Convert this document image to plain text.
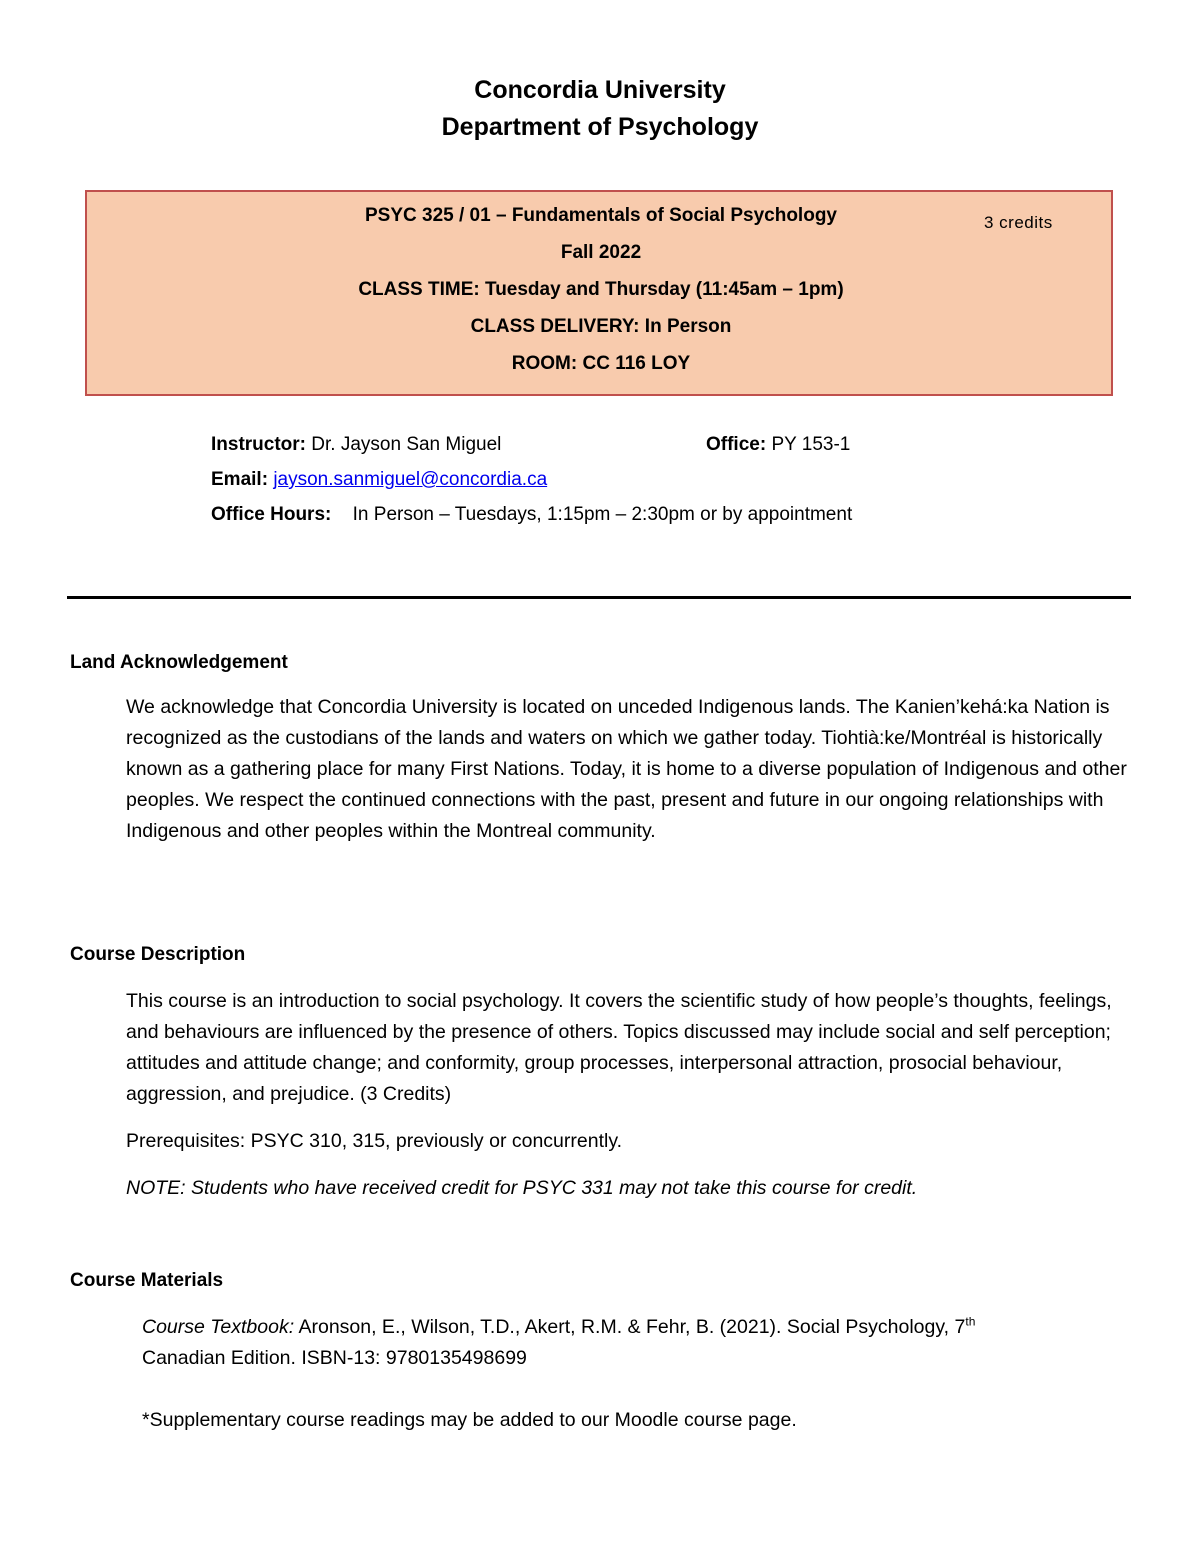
Concordia University
Department of Psychology
PSYC 325 / 01 – Fundamentals of Social Psychology	3 credits
Fall 2022
CLASS TIME: Tuesday and Thursday (11:45am – 1pm)
CLASS DELIVERY: In Person
ROOM: CC 116 LOY
Instructor: Dr. Jayson San Miguel	Office: PY 153-1
Email: jayson.sanmiguel@concordia.ca
Office Hours: In Person – Tuesdays, 1:15pm – 2:30pm or by appointment
Land Acknowledgement
We acknowledge that Concordia University is located on unceded Indigenous lands. The Kanien’kehá:ka Nation is recognized as the custodians of the lands and waters on which we gather today. Tiohtià:ke/Montréal is historically known as a gathering place for many First Nations. Today, it is home to a diverse population of Indigenous and other peoples. We respect the continued connections with the past, present and future in our ongoing relationships with Indigenous and other peoples within the Montreal community.
Course Description
This course is an introduction to social psychology. It covers the scientific study of how people’s thoughts, feelings, and behaviours are influenced by the presence of others. Topics discussed may include social and self perception; attitudes and attitude change; and conformity, group processes, interpersonal attraction, prosocial behaviour, aggression, and prejudice. (3 Credits)
Prerequisites: PSYC 310, 315, previously or concurrently.
NOTE: Students who have received credit for PSYC 331 may not take this course for credit.
Course Materials
Course Textbook: Aronson, E., Wilson, T.D., Akert, R.M. & Fehr, B. (2021). Social Psychology, 7th
Canadian Edition. ISBN-13: 9780135498699
*Supplementary course readings may be added to our Moodle course page.
